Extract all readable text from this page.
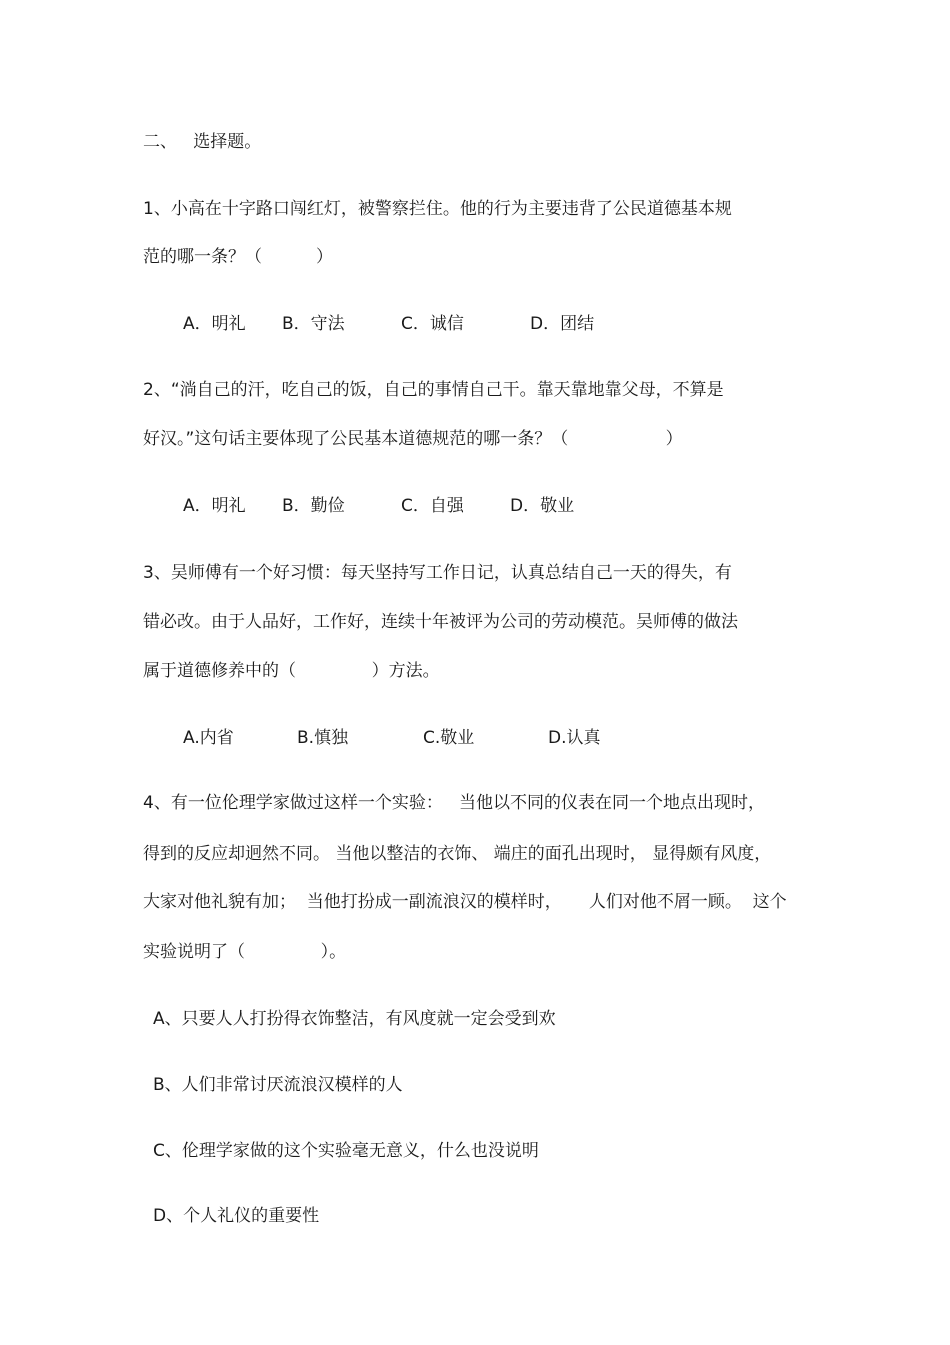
二、   选择题。
1、小高在十字路口闯红灯，被警察拦住。他的行为主要违背了公民道德基本规
范的哪一条？（          ）
A．明礼 B．守法	C．诚信	D．团结
2、“淌自己的汗，吃自己的饭，自己的事情自己干。靠天靠地靠父母，不算是
好汉。”这句话主要体现了公民基本道德规范的哪一条？（                  ）
A．明礼 B．勤俭	C．自强	D．敬业
3、吴师傅有一个好习惯：每天坚持写工作日记，认真总结自己一天的得失，有
错必改。由于人品好，工作好，连续十年被评为公司的劳动模范。吴师傅的做法
属于道德修养中的（              ）方法。
A.内省	B.慎独	C.敬业	D.认真
4、有一位伦理学家做过这样一个实验：   当他以不同的仪表在同一个地点出现时，
得到的反应却迥然不同。 当他以整洁的衣饰、 端庄的面孔出现时， 显得颇有风度，
大家对他礼貌有加；  当他打扮成一副流浪汉的模样时，     人们对他不屑一顾。  这个
实验说明了（              ）。
A、只要人人打扮得衣饰整洁，有风度就一定会受到欢
B、人们非常讨厌流浪汉模样的人
C、伦理学家做的这个实验毫无意义，什么也没说明
D、个人礼仪的重要性
